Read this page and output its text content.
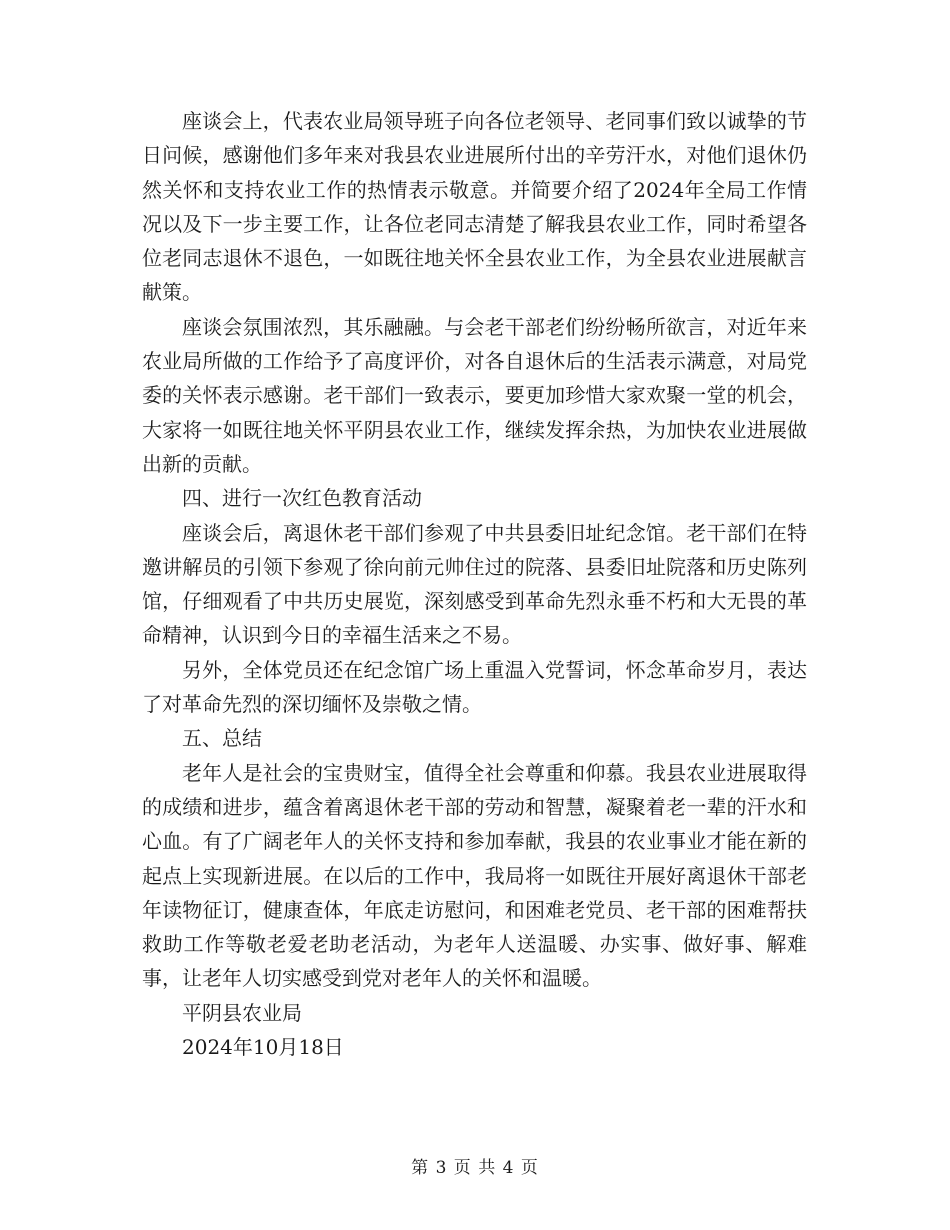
座谈会上，代表农业局领导班子向各位老领导、老同事们致以诚挚的节日问候，感谢他们多年来对我县农业进展所付出的辛劳汗水，对他们退休仍然关怀和支持农业工作的热情表示敬意。并简要介绍了2024年全局工作情况以及下一步主要工作，让各位老同志清楚了解我县农业工作，同时希望各位老同志退休不退色，一如既往地关怀全县农业工作，为全县农业进展献言献策。

座谈会氛围浓烈，其乐融融。与会老干部老们纷纷畅所欲言，对近年来农业局所做的工作给予了高度评价，对各自退休后的生活表示满意，对局党委的关怀表示感谢。老干部们一致表示，要更加珍惜大家欢聚一堂的机会，大家将一如既往地关怀平阴县农业工作，继续发挥余热，为加快农业进展做出新的贡献。

四、进行一次红色教育活动

座谈会后，离退休老干部们参观了中共县委旧址纪念馆。老干部们在特邀讲解员的引领下参观了徐向前元帅住过的院落、县委旧址院落和历史陈列馆，仔细观看了中共历史展览，深刻感受到革命先烈永垂不朽和大无畏的革命精神，认识到今日的幸福生活来之不易。

另外，全体党员还在纪念馆广场上重温入党誓词，怀念革命岁月，表达了对革命先烈的深切缅怀及崇敬之情。

五、总结

老年人是社会的宝贵财宝，值得全社会尊重和仰慕。我县农业进展取得的成绩和进步，蕴含着离退休老干部的劳动和智慧，凝聚着老一辈的汗水和心血。有了广阔老年人的关怀支持和参加奉献，我县的农业事业才能在新的起点上实现新进展。在以后的工作中，我局将一如既往开展好离退休干部老年读物征订，健康查体，年底走访慰问，和困难老党员、老干部的困难帮扶救助工作等敬老爱老助老活动，为老年人送温暖、办实事、做好事、解难事，让老年人切实感受到党对老年人的关怀和温暖。

平阴县农业局

2024年10月18日

第 3 页 共 4 页
